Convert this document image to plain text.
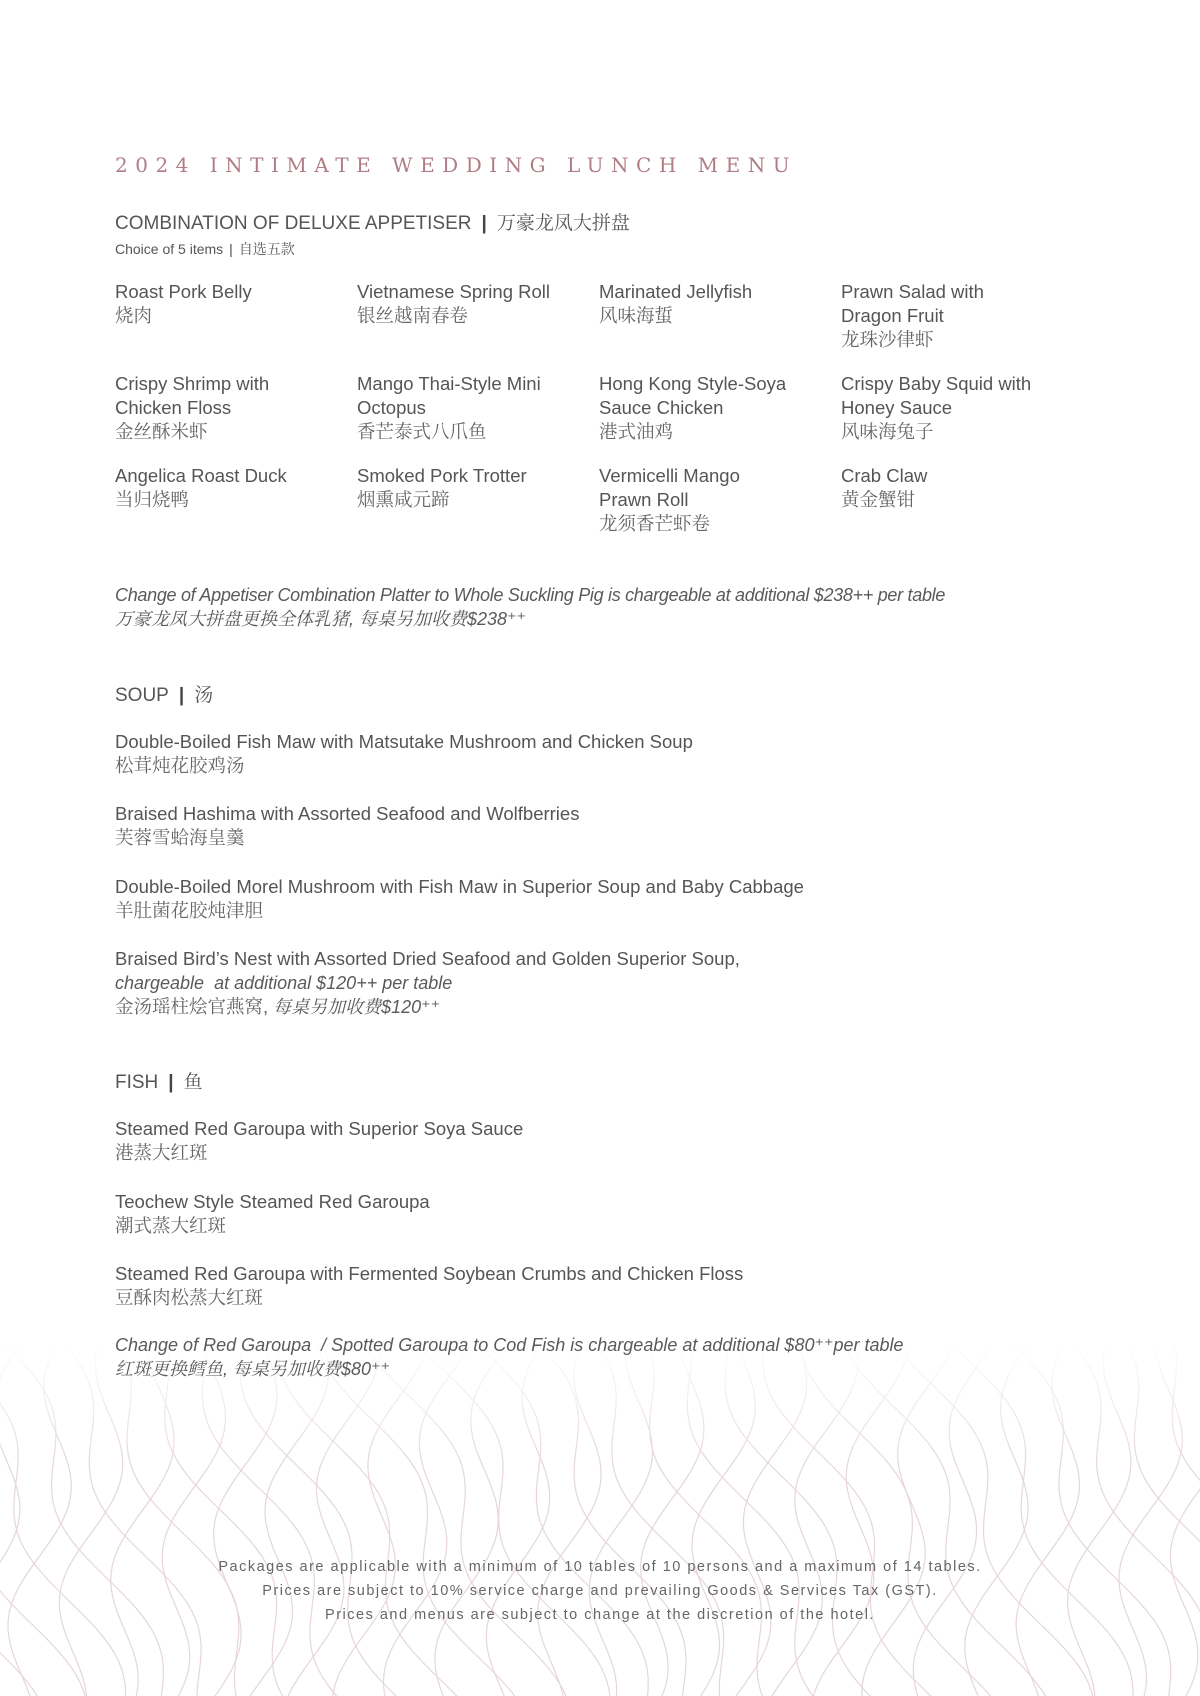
2024 INTIMATE WEDDING LUNCH MENU
COMBINATION OF DELUXE APPETISER | 万豪龙凤大拼盘
Choice of 5 items | 自选五款
Roast Pork Belly
烧肉
Vietnamese Spring Roll
银丝越南春卷
Marinated Jellyfish
风味海蜇
Prawn Salad with Dragon Fruit
龙珠沙律虾
Crispy Shrimp with Chicken Floss
金丝酥米虾
Mango Thai-Style Mini Octopus
香芒泰式八爪鱼
Hong Kong Style-Soya Sauce Chicken
港式油鸡
Crispy Baby Squid with Honey Sauce
风味海兔子
Angelica Roast Duck
当归烧鸭
Smoked Pork Trotter
烟熏咸元蹄
Vermicelli Mango Prawn Roll
龙须香芒虾卷
Crab Claw
黄金蟹钳
Change of Appetiser Combination Platter to Whole Suckling Pig is chargeable at additional $238++ per table
万豪龙凤大拼盘更换全体乳猪, 每桌另加收费$238⁺⁺
SOUP | 汤
Double-Boiled Fish Maw with Matsutake Mushroom and Chicken Soup
松茸炖花胶鸡汤
Braised Hashima with Assorted Seafood and Wolfberries
芙蓉雪蛤海皇羹
Double-Boiled Morel Mushroom with Fish Maw in Superior Soup and Baby Cabbage
羊肚菌花胶炖津胆
Braised Bird’s Nest with Assorted Dried Seafood and Golden Superior Soup,
chargeable  at additional $120++ per table
金汤瑶柱烩官燕窝, 每桌另加收费$120⁺⁺
FISH | 鱼
Steamed Red Garoupa with Superior Soya Sauce
港蒸大红斑
Teochew Style Steamed Red Garoupa
潮式蒸大红斑
Steamed Red Garoupa with Fermented Soybean Crumbs and Chicken Floss
豆酥肉松蒸大红斑
Change of Red Garoupa  / Spotted Garoupa to Cod Fish is chargeable at additional $80⁺⁺per table
红斑更换鳕鱼, 每桌另加收费$80⁺⁺
Packages are applicable with a minimum of 10 tables of 10 persons and a maximum of 14 tables.
Prices are subject to 10% service charge and prevailing Goods & Services Tax (GST).
Prices and menus are subject to change at the discretion of the hotel.
